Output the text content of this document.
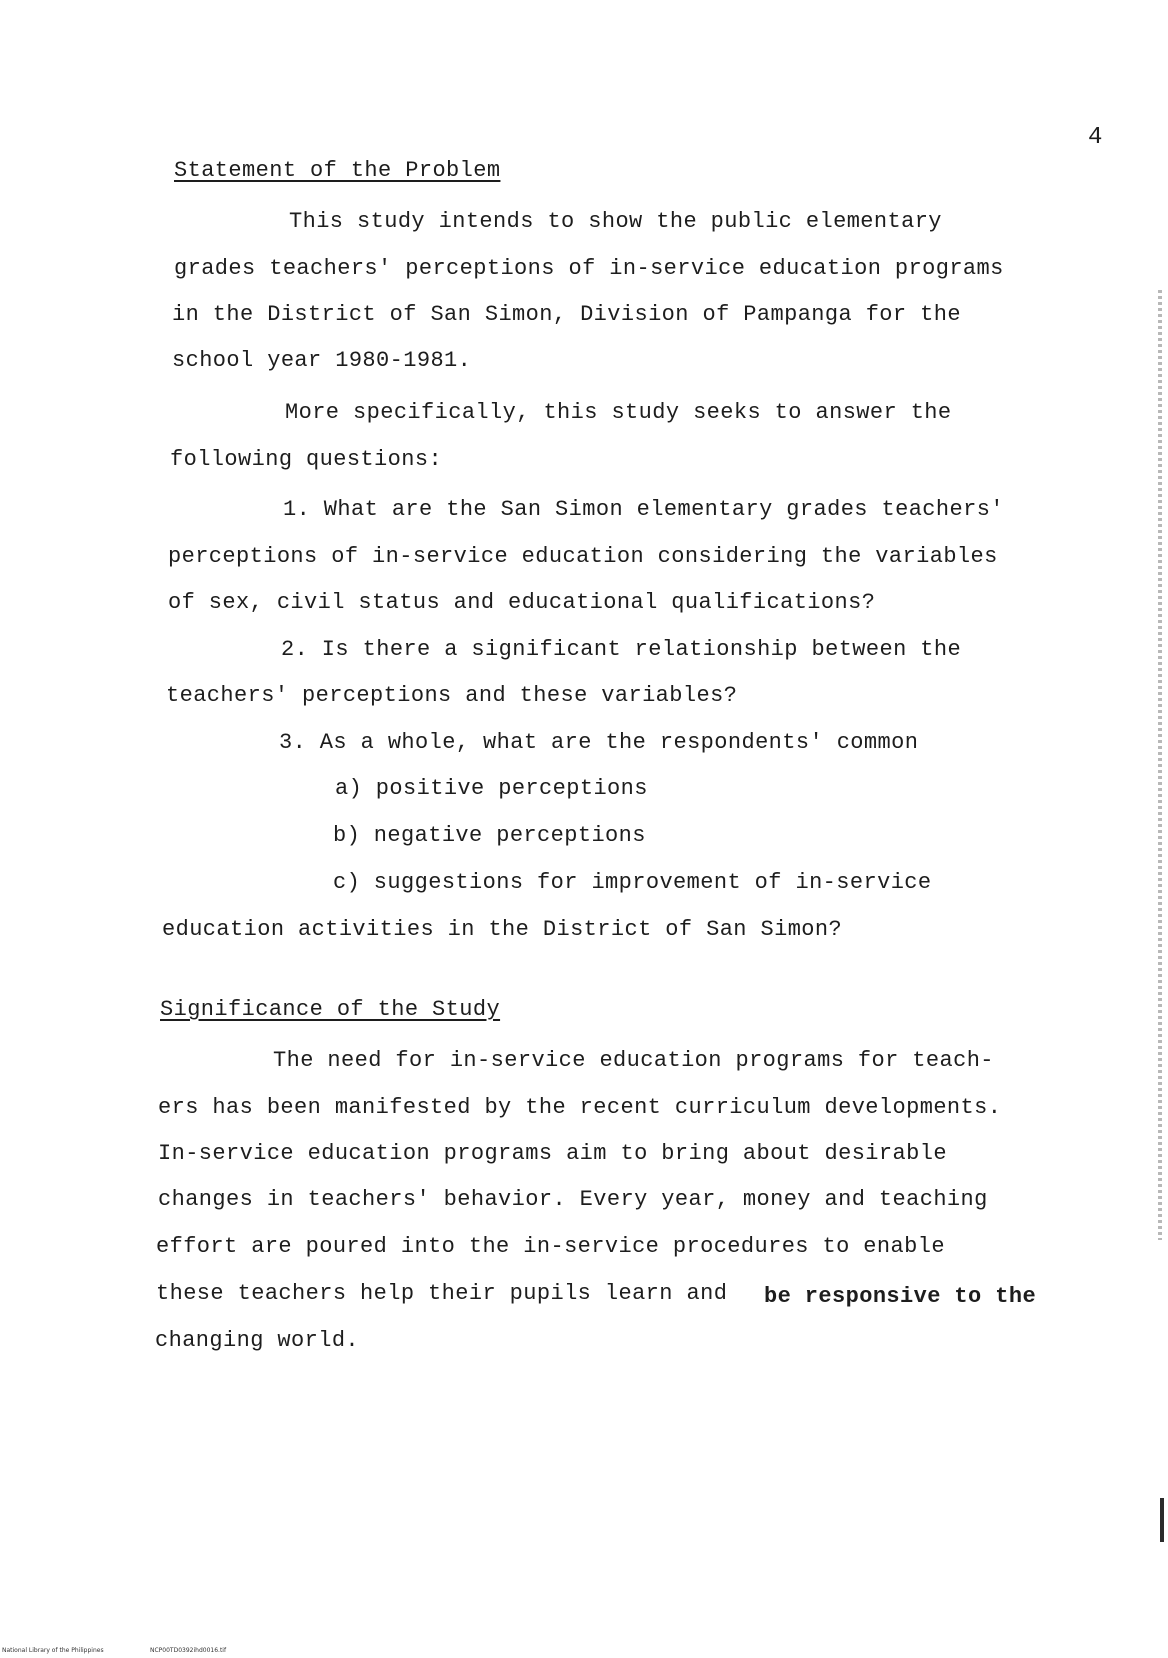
4
Statement of the Problem
This study intends to show the public elementary
grades teachers' perceptions of in-service education programs
in the District of San Simon, Division of Pampanga for the
school year 1980-1981.
More specifically, this study seeks to answer the
following questions:
1. What are the San Simon elementary grades teachers'
perceptions of in-service education considering the variables
of sex, civil status and educational qualifications?
2. Is there a significant relationship between the
teachers' perceptions and these variables?
3. As a whole, what are the respondents' common
a) positive perceptions
b) negative perceptions
c) suggestions for improvement of in-service
education activities in the District of San Simon?
Significance of the Study
The need for in-service education programs for teach-
ers has been manifested by the recent curriculum developments.
In-service education programs aim to bring about desirable
changes in teachers' behavior. Every year, money and teaching
effort are poured into the in-service procedures to enable
these teachers help their pupils learn and be responsive to the
changing world.
National Library of the Philippines	NCP00TD0392ihd0016.tif
